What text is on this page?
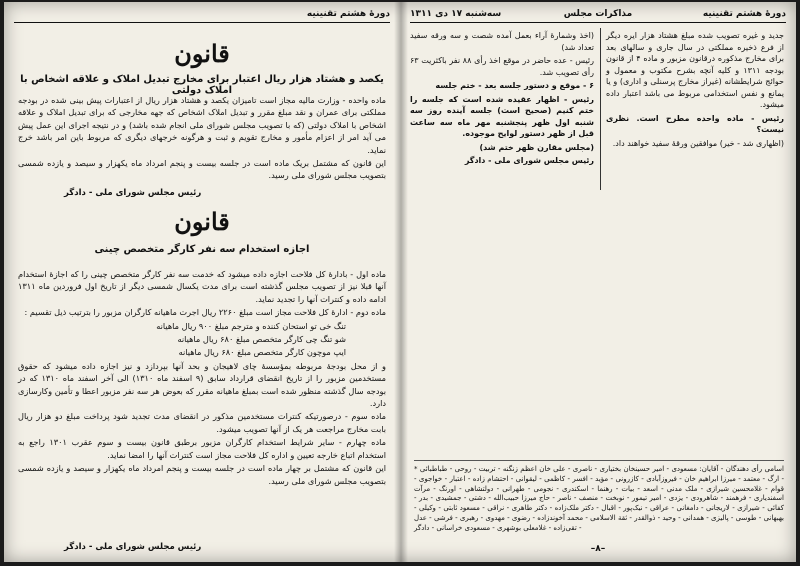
دورهٔ هشتم تقنینیه
مذاکرات مجلس
سه‌شنبه ۱۷ دی ۱۳۱۱

جدید و غیره تصویب شده مبلغ هشتاد هزار ایره دیگر از فرع ذخیره مملکتی در سال جاری و سالهای بعد برای مخارج مذکوره درقانون مزبور و ماده ۴ از قانون بودجه ۱۳۱۱ و کلیه آنچه بشرح مکتوب و معمول و حوائج شرایطشانه (غیراز مخارج پرسنلی و اداری) و یا یمانع و نفس استخدامی مربوط می باشد اعتبار داده میشود.

رئیس - ماده واحده مطرح است. نظری نیست؟

(اظهاری شد - خیر) موافقین ورقهٔ سفید خواهند داد.

(اخذ وشمارهٔ آراء بعمل آمده شصت و سه ورقه سفید تعداد شد)

رئیس - عده حاضر در موقع اخذ رأی ۸۸ نفر باکثریت ۶۳ رأی تصویب شد.

۶ - موقع و دستور جلسه بعد - ختم جلسه

رئیس - اظهار عقیده شده است که جلسه را ختم کنیم (صحیح است) جلسه آینده روز سه شنبه اول ظهر پنجشنبه مهر ماه سه ساعت قبل از ظهر دستور لوایح موجوده.

(مجلس مقارن ظهر ختم شد)

رئیس مجلس شورای ملی - دادگر

دورهٔ هشتم تقنینیه
قانون
یکصد و هشتاد هزار ریال اعتبار برای مخارج تبدیل املاک و علاقه اشخاص با املاک دولتی

ماده واحده - وزارت مالیه مجاز است تامیزان یکصد و هشتاد هزار ریال از اعتبارات پیش بینی شده در بودجه مملکتی برای عمران و نقد مبلغ مقرر و تبدیل املاک اشخاص که جهه مخارجی که برای تبدیل املاک و علاقه اشخاص با املاک دولتی (که با تصویب مجلس شورای ملی انجام شده باشد) و در نتیجه اجرای این عمل پیش می آید امر از اعزام مأمور و مخارج تقویم و ثبت و هرگونه خرجهای دیگری که مربوط باین امر باشد خرج نماید.

این قانون که مشتمل بریک ماده است در جلسه بیست و پنجم امرداد ماه یکهزار و سیصد و یازده شمسی بتصویب مجلس شورای ملی رسید.

رئیس مجلس شورای ملی - دادگر
قانون
اجازه استخدام سه نفر کارگر متخصص چینی

ماده اول - بادارهٔ کل فلاحت اجازه داده میشود که خدمت سه نفر کارگر متخصص چینی را که اجازهٔ استخدام آنها قبلا نیز از تصویب مجلس گذشته است برای مدت یکسال شمسی دیگر از تاریخ اول فروردین ماه ۱۳۱۱ ادامه داده و کنترات آنها را تجدید نماید.

ماده دوم - ادارهٔ کل فلاحت مجاز است مبلغ ۲۲۶۰ ریال اجرت ماهیانه کارگران مزبور را بترتیب ذیل تقسیم :

تنگ خی تو استحان کننده و مترجم مبلغ ۹۰۰ ریال ماهیانه

شو تنگ چی کارگر متخصص مبلغ ۶۸۰ ریال ماهیانه

ایپ موچون کارگر متخصص مبلغ ۶۸۰ ریال ماهیانه

و از محل بودجهٔ مربوطه بمؤسسهٔ چای لاهیجان و بحد آنها بپردازد و نیز اجازه داده میشود که حقوق مستخدمین مزبور را از تاریخ انقضای قرارداد سابق (۹ اسفند ماه ۱۳۱۰) الی آخر اسفند ماه ۱۳۱۰ که در بودجه سال گذشته منظور شده است بمبلغ ماهیانه مقرر که بعوض هر سه نفر مزبور اعطا و تأمین وکارسازی دارد.

ماده سوم - درصورتیکه کنترات مستخدمین مذکور در انقضای مدت تجدید شود پرداخت مبلغ دو هزار ریال بابت مخارج مراجعت هر یک از آنها تصویب میشود.

ماده چهارم - سایر شرایط استخدام کارگران مزبور برطبق قانون بیست و سوم عقرب ۱۳۰۱ راجع به استخدام اتباع خارجه تعیین و اداره کل فلاحت مجاز است کنترات آنها را امضا نماید.

این قانون که مشتمل بر چهار ماده است در جلسه بیست و پنجم امرداد ماه یکهزار و سیصد و یازده شمسی بتصویب مجلس شورای ملی رسید.

رئیس مجلس شورای ملی - دادگر
* اسامی رأی دهندگان - آقایان: مسعودی - امیر حسینخان بختیاری - ناصری - علی خان اعظم زنگنه - تربیت - روحی - طباطبائی - ارگ - معتمد - میرزا ابراهیم خان - فیروزآبادی - کازرونی - مؤید - افسر - کاظمی - لیقوانی - احتشام زاده - اعتبار - خواجوی - قوام - غلامحسین شیرازی - ملک مدنی - اسعد - بیات - رهنما - اسکندری - نجومی - طهرانی - دولتشاهی - اورنگ - مرآت اسفندیاری - فرهمند - شاهرودی - یزدی - امیر تیمور - نوبخت - منصف - ناصر - حاج میرزا حبیب‌الله - دشتی - جمشیدی - بدر - کفائی - شیرازی - لاریجانی - دامغانی - عراقی - نیک‌پور - اقبال - دکتر ملک‌زاده - دکتر طاهری - نراقی - مسعود ثابتی - وکیلی - بهبهانی - طوسی - پالیزی - همدانی - وحید - ذوالقدر - ثقة الاسلامی - محمد آخوندزاده - رضوی - مهدوی - رهبری - فرشی - عدل - تقی‌زاده - غلامعلی بوشهری - مسعودی خراسانی - دادگر
–۸–
